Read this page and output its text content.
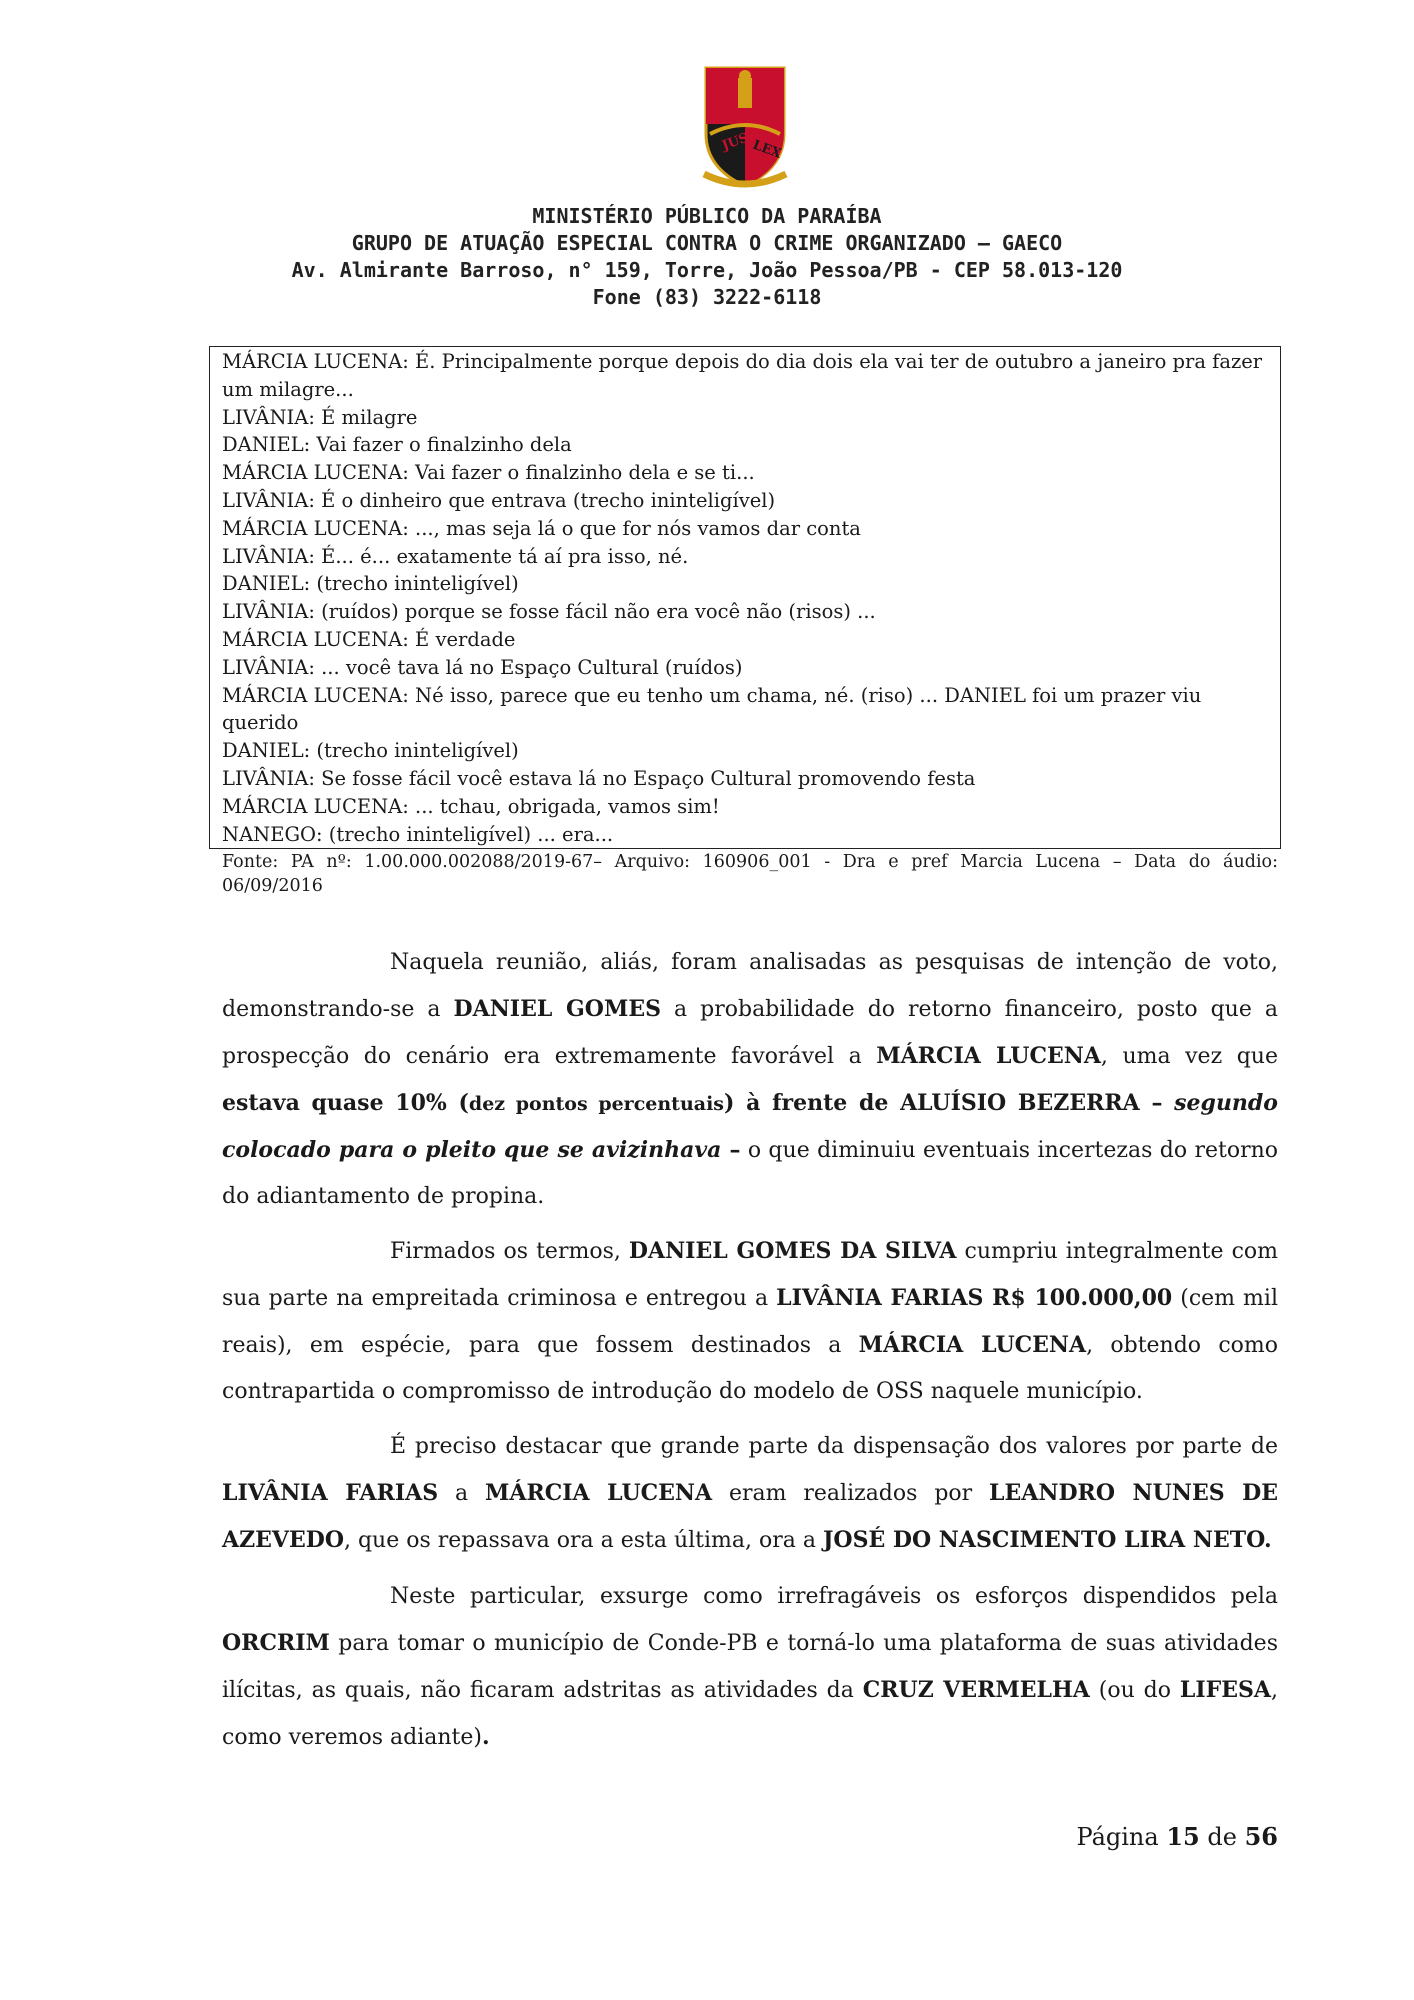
JUS LEX
MINISTÉRIO PÚBLICO DA PARAÍBA
GRUPO DE ATUAÇÃO ESPECIAL CONTRA O CRIME ORGANIZADO – GAECO
Av. Almirante Barroso, n° 159, Torre, João Pessoa/PB - CEP 58.013-120
Fone (83) 3222-6118
MÁRCIA LUCENA: É. Principalmente porque depois do dia dois ela vai ter de outubro a janeiro pra fazer um milagre...
LIVÂNIA: É milagre
DANIEL: Vai fazer o finalzinho dela
MÁRCIA LUCENA: Vai fazer o finalzinho dela e se ti...
LIVÂNIA: É o dinheiro que entrava (trecho ininteligível)
MÁRCIA LUCENA: ..., mas seja lá o que for nós vamos dar conta
LIVÂNIA: É... é... exatamente tá aí pra isso, né.
DANIEL: (trecho ininteligível)
LIVÂNIA: (ruídos) porque se fosse fácil não era você não (risos) ...
MÁRCIA LUCENA: É verdade
LIVÂNIA: ... você tava lá no Espaço Cultural (ruídos)
MÁRCIA LUCENA: Né isso, parece que eu tenho um chama, né. (riso) ... DANIEL foi um prazer viu querido
DANIEL: (trecho ininteligível)
LIVÂNIA: Se fosse fácil você estava lá no Espaço Cultural promovendo festa
MÁRCIA LUCENA: ... tchau, obrigada, vamos sim!
NANEGO: (trecho ininteligível) ... era...
Fonte: PA nº: 1.00.000.002088/2019-67– Arquivo: 160906_001 - Dra e pref Marcia Lucena – Data do áudio: 06/09/2016
Naquela reunião, aliás, foram analisadas as pesquisas de intenção de voto, demonstrando-se a DANIEL GOMES a probabilidade do retorno financeiro, posto que a prospecção do cenário era extremamente favorável a MÁRCIA LUCENA, uma vez que estava quase 10% (dez pontos percentuais) à frente de ALUÍSIO BEZERRA – segundo colocado para o pleito que se avizinhava – o que diminuiu eventuais incertezas do retorno do adiantamento de propina.
Firmados os termos, DANIEL GOMES DA SILVA cumpriu integralmente com sua parte na empreitada criminosa e entregou a LIVÂNIA FARIAS R$ 100.000,00 (cem mil reais), em espécie, para que fossem destinados a MÁRCIA LUCENA, obtendo como contrapartida o compromisso de introdução do modelo de OSS naquele município.
É preciso destacar que grande parte da dispensação dos valores por parte de LIVÂNIA FARIAS a MÁRCIA LUCENA eram realizados por LEANDRO NUNES DE AZEVEDO, que os repassava ora a esta última, ora a JOSÉ DO NASCIMENTO LIRA NETO.
Neste particular, exsurge como irrefragáveis os esforços dispendidos pela ORCRIM para tomar o município de Conde-PB e torná-lo uma plataforma de suas atividades ilícitas, as quais, não ficaram adstritas as atividades da CRUZ VERMELHA (ou do LIFESA, como veremos adiante).
Página 15 de 56
